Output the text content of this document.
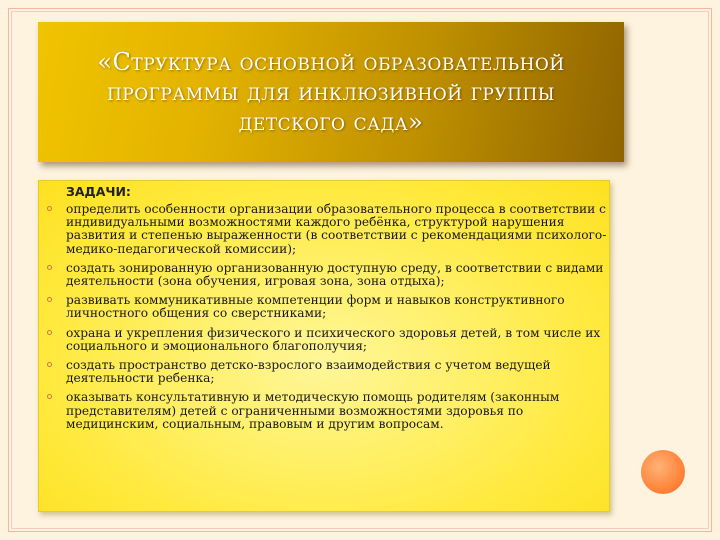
«Структура основной образовательной программы для инклюзивной группы детского сада»
ЗАДАЧИ:
определить особенности организации образовательного процесса в соответствии с индивидуальными возможностями каждого ребёнка, структурой нарушения развития и степенью выраженности (в соответствии с рекомендациями психолого-медико-педагогической комиссии);
создать зонированную организованную доступную среду, в соответствии с видами деятельности (зона обучения, игровая зона, зона отдыха);
развивать коммуникативные компетенции форм и навыков конструктивного личностного общения со сверстниками;
охрана и укрепления физического и психического здоровья детей, в том числе их социального и эмоционального благополучия;
создать пространство детско-взрослого взаимодействия с учетом ведущей деятельности ребенка;
оказывать консультативную и методическую помощь родителям (законным представителям) детей с ограниченными возможностями здоровья по медицинским, социальным, правовым и другим вопросам.
